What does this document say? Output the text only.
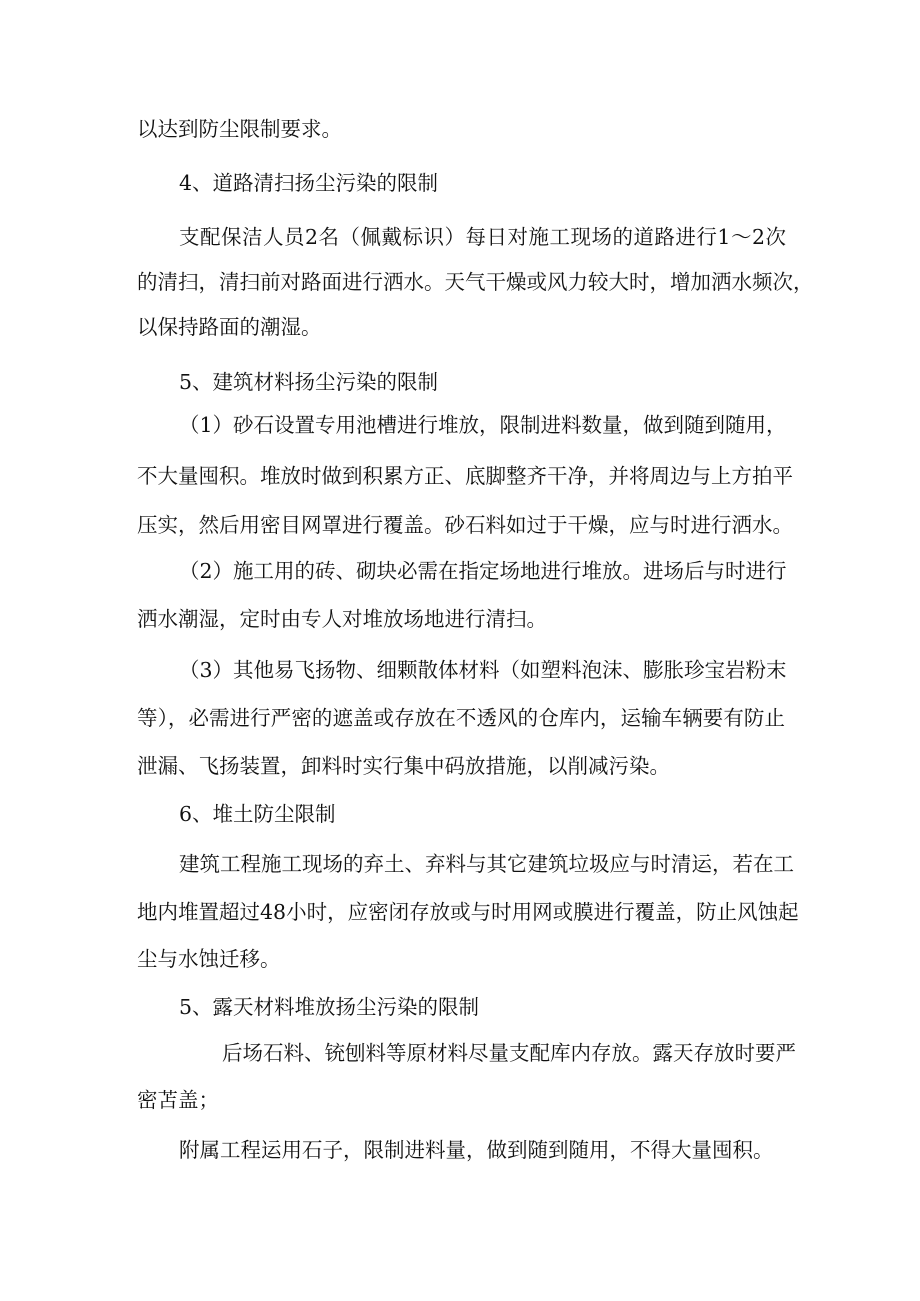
以达到防尘限制要求。

4、道路清扫扬尘污染的限制

支配保洁人员2名（佩戴标识）每日对施工现场的道路进行1～2次

的清扫，清扫前对路面进行洒水。天气干燥或风力较大时，增加洒水频次，

以保持路面的潮湿。

5、建筑材料扬尘污染的限制

（1）砂石设置专用池槽进行堆放，限制进料数量，做到随到随用，

不大量囤积。堆放时做到积累方正、底脚整齐干净，并将周边与上方拍平

压实，然后用密目网罩进行覆盖。砂石料如过于干燥，应与时进行洒水。

（2）施工用的砖、砌块必需在指定场地进行堆放。进场后与时进行

洒水潮湿，定时由专人对堆放场地进行清扫。

（3）其他易飞扬物、细颗散体材料（如塑料泡沫、膨胀珍宝岩粉末

等），必需进行严密的遮盖或存放在不透风的仓库内，运输车辆要有防止

泄漏、飞扬装置，卸料时实行集中码放措施，以削减污染。

6、堆土防尘限制

建筑工程施工现场的弃土、弃料与其它建筑垃圾应与时清运，若在工

地内堆置超过48小时，应密闭存放或与时用网或膜进行覆盖，防止风蚀起

尘与水蚀迁移。

5、露天材料堆放扬尘污染的限制

后场石料、铳刨料等原材料尽量支配库内存放。露天存放时要严

密苫盖；

附属工程运用石子，限制进料量，做到随到随用，不得大量囤积。
